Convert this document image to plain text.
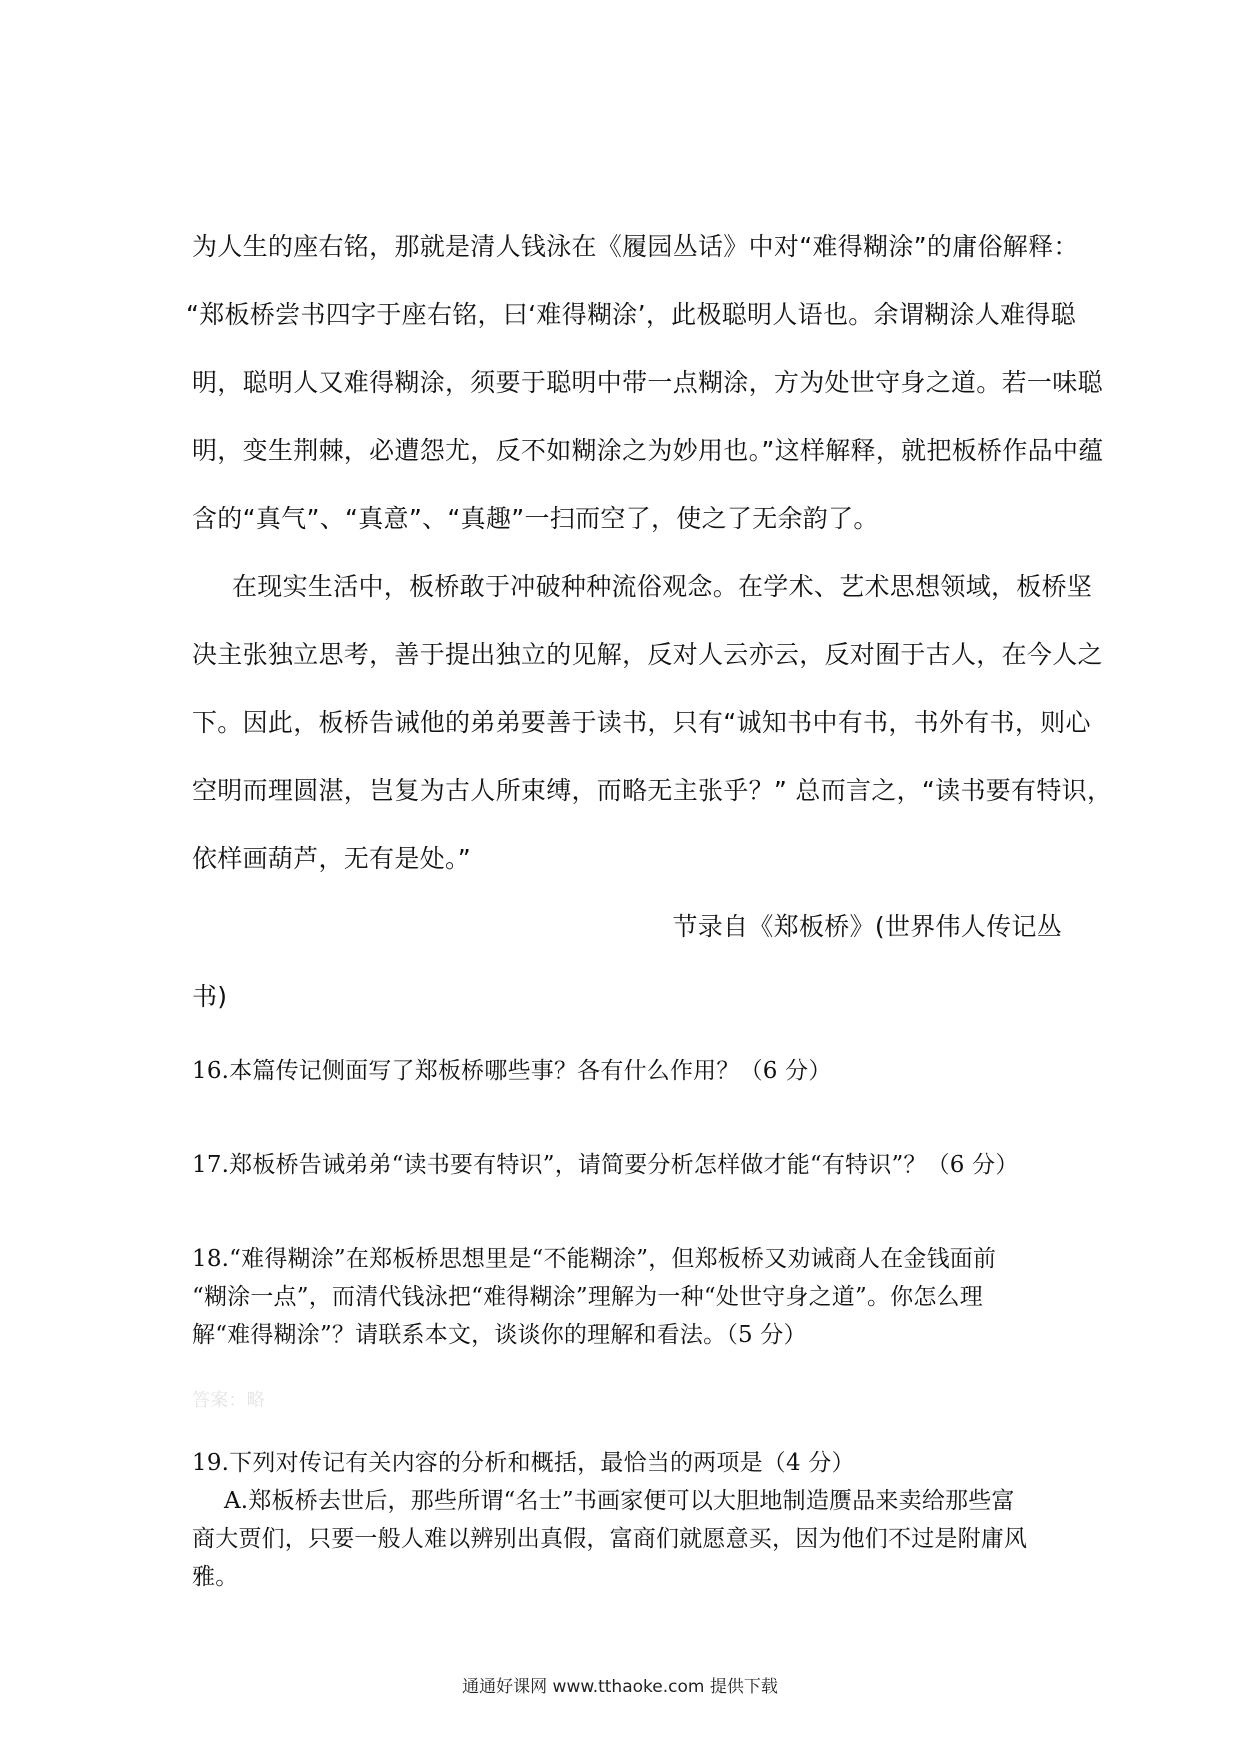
为人生的座右铭，那就是清人钱泳在《履园丛话》中对“难得糊涂”的庸俗解释：
“郑板桥尝书四字于座右铭，曰‘难得糊涂’，此极聪明人语也。余谓糊涂人难得聪
明，聪明人又难得糊涂，须要于聪明中带一点糊涂，方为处世守身之道。若一味聪
明，变生荆棘，必遭怨尤，反不如糊涂之为妙用也。”这样解释，就把板桥作品中蕴
含的“真气”、“真意”、“真趣”一扫而空了，使之了无余韵了。
在现实生活中，板桥敢于冲破种种流俗观念。在学术、艺术思想领域，板桥坚
决主张独立思考，善于提出独立的见解，反对人云亦云，反对囿于古人，在今人之
下。因此，板桥告诫他的弟弟要善于读书，只有“诚知书中有书，书外有书，则心
空明而理圆湛，岂复为古人所束缚，而略无主张乎？” 总而言之，“读书要有特识，
依样画葫芦，无有是处。”
节录自《郑板桥》(世界伟人传记丛
书)
16.本篇传记侧面写了郑板桥哪些事？各有什么作用？（6 分）
17.郑板桥告诫弟弟“读书要有特识”，请简要分析怎样做才能“有特识”？（6 分）
18.“难得糊涂”在郑板桥思想里是“不能糊涂”，但郑板桥又劝诫商人在金钱面前
“糊涂一点”，而清代钱泳把“难得糊涂”理解为一种“处世守身之道”。你怎么理
解“难得糊涂”？请联系本文，谈谈你的理解和看法。（5 分）
答案：略
19.下列对传记有关内容的分析和概括，最恰当的两项是（4 分）
A.郑板桥去世后，那些所谓“名士”书画家便可以大胆地制造赝品来卖给那些富
商大贾们，只要一般人难以辨别出真假，富商们就愿意买，因为他们不过是附庸风
雅。
通通好课网 www.tthaoke.com 提供下载
